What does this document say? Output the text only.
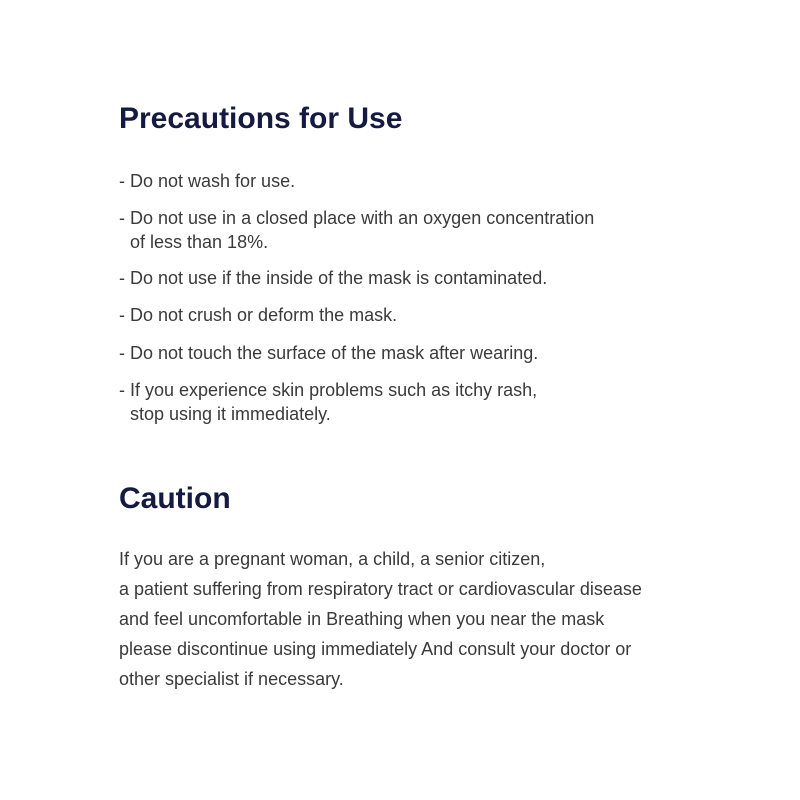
Precautions for Use
- Do not wash for use.
- Do not use in a closed place with an oxygen concentration
of less than 18%.
- Do not use if the inside of the mask is contaminated.
- Do not crush or deform the mask.
- Do not touch the surface of the mask after wearing.
- If you experience skin problems such as itchy rash,
stop using it immediately.
Caution

If you are a pregnant woman, a child, a senior citizen,
a patient suffering from respiratory tract or cardiovascular disease
and feel uncomfortable in Breathing when you near the mask
please discontinue using immediately And consult your doctor or
other specialist if necessary.
